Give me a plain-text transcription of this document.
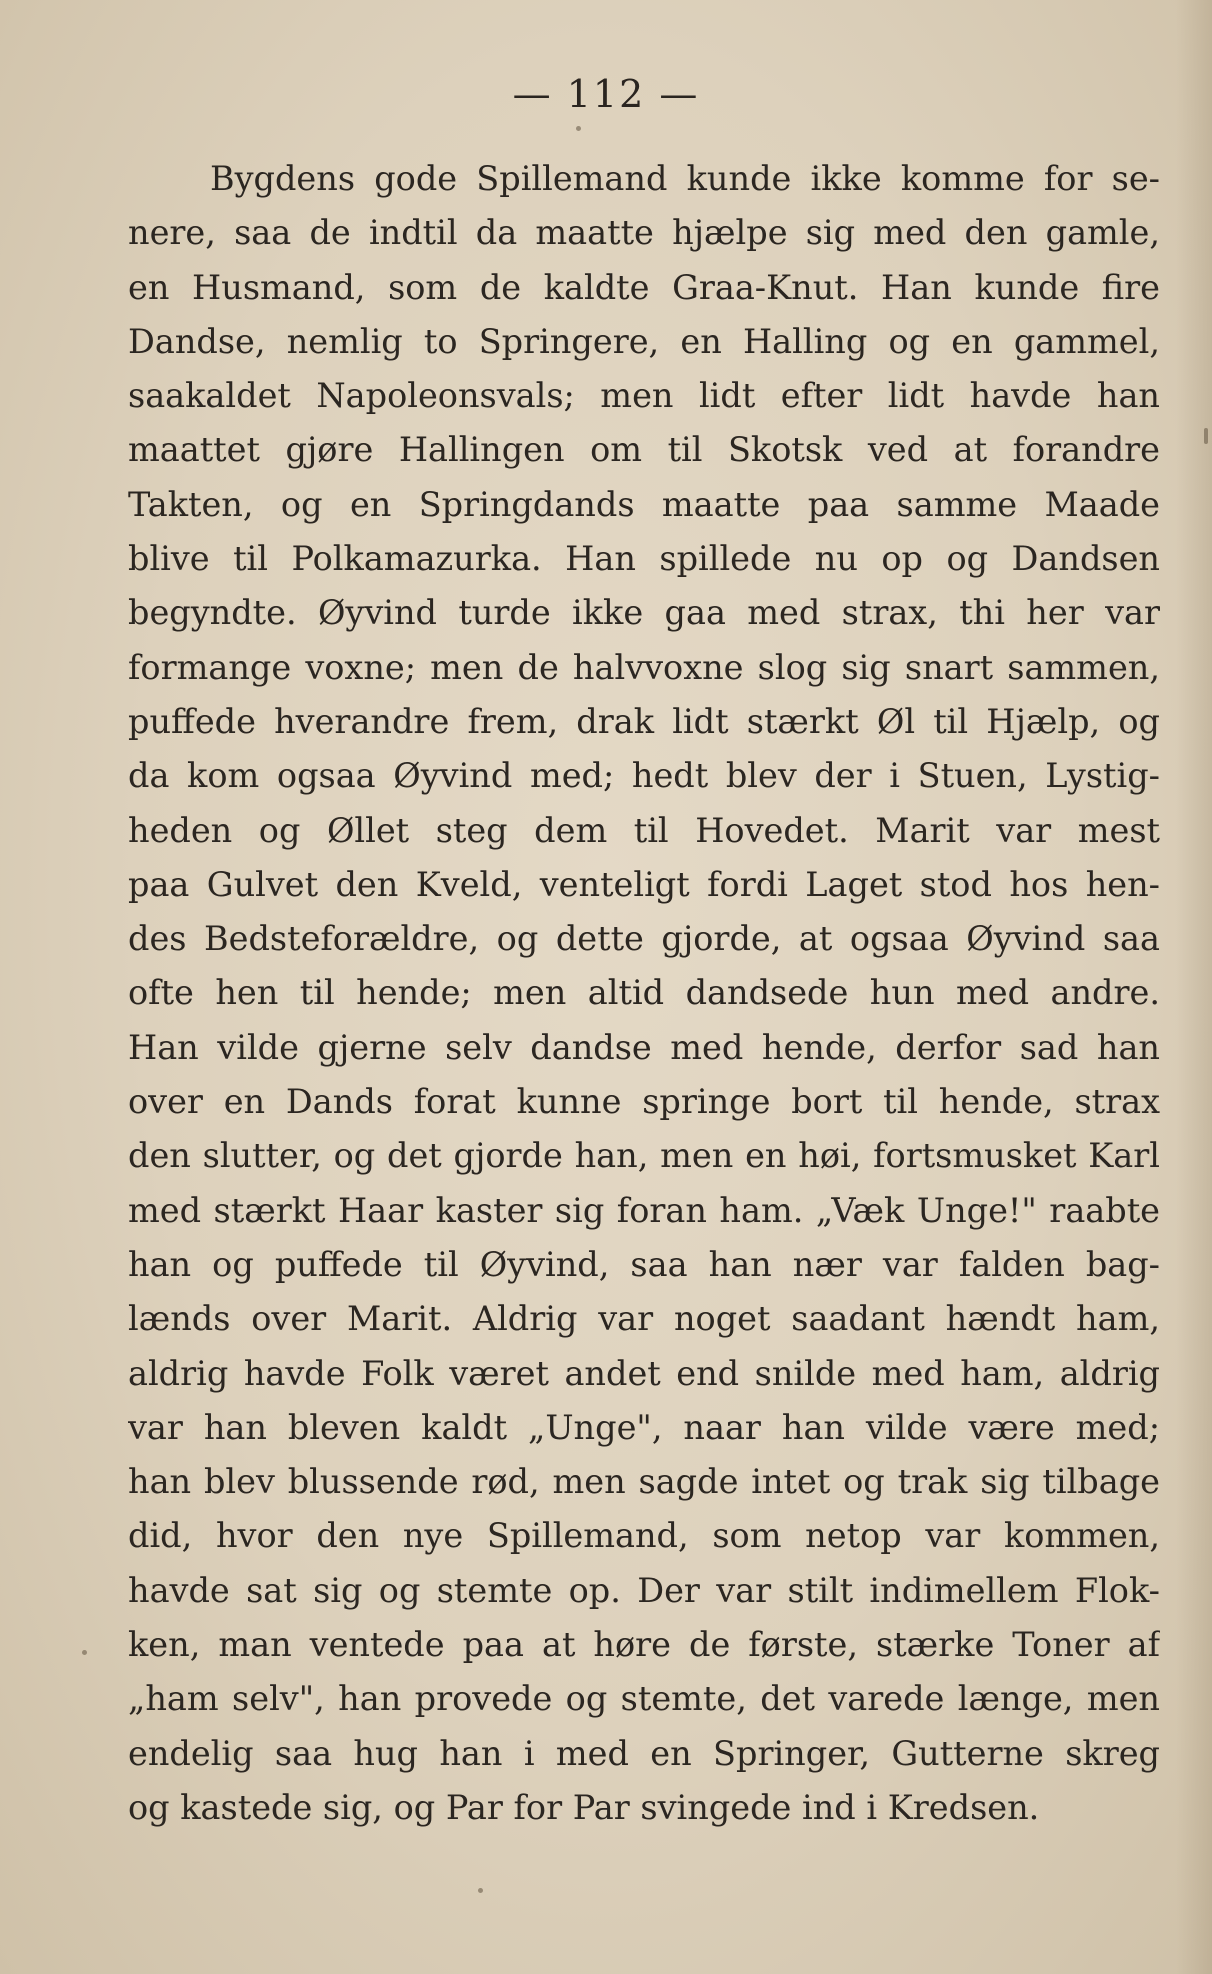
— 112 —
Bygdens gode Spillemand kunde ikke komme for se-
nere, saa de indtil da maatte hjælpe sig med den gamle,
en Husmand, som de kaldte Graa-Knut. Han kunde fire
Dandse, nemlig to Springere, en Halling og en gammel,
saakaldet Napoleonsvals; men lidt efter lidt havde han
maattet gjøre Hallingen om til Skotsk ved at forandre
Takten, og en Springdands maatte paa samme Maade
blive til Polkamazurka. Han spillede nu op og Dandsen
begyndte. Øyvind turde ikke gaa med strax, thi her var
formange voxne; men de halvvoxne slog sig snart sammen,
puffede hverandre frem, drak lidt stærkt Øl til Hjælp, og
da kom ogsaa Øyvind med; hedt blev der i Stuen, Lystig-
heden og Øllet steg dem til Hovedet. Marit var mest
paa Gulvet den Kveld, venteligt fordi Laget stod hos hen-
des Bedsteforældre, og dette gjorde, at ogsaa Øyvind saa
ofte hen til hende; men altid dandsede hun med andre.
Han vilde gjerne selv dandse med hende, derfor sad han
over en Dands forat kunne springe bort til hende, strax
den slutter, og det gjorde han, men en høi, fortsmusket Karl
med stærkt Haar kaster sig foran ham. „Væk Unge!" raabte
han og puffede til Øyvind, saa han nær var falden bag-
lænds over Marit. Aldrig var noget saadant hændt ham,
aldrig havde Folk været andet end snilde med ham, aldrig
var han bleven kaldt „Unge", naar han vilde være med;
han blev blussende rød, men sagde intet og trak sig tilbage
did, hvor den nye Spillemand, som netop var kommen,
havde sat sig og stemte op. Der var stilt indimellem Flok-
ken, man ventede paa at høre de første, stærke Toner af
„ham selv", han provede og stemte, det varede længe, men
endelig saa hug han i med en Springer, Gutterne skreg
og kastede sig, og Par for Par svingede ind i Kredsen.
